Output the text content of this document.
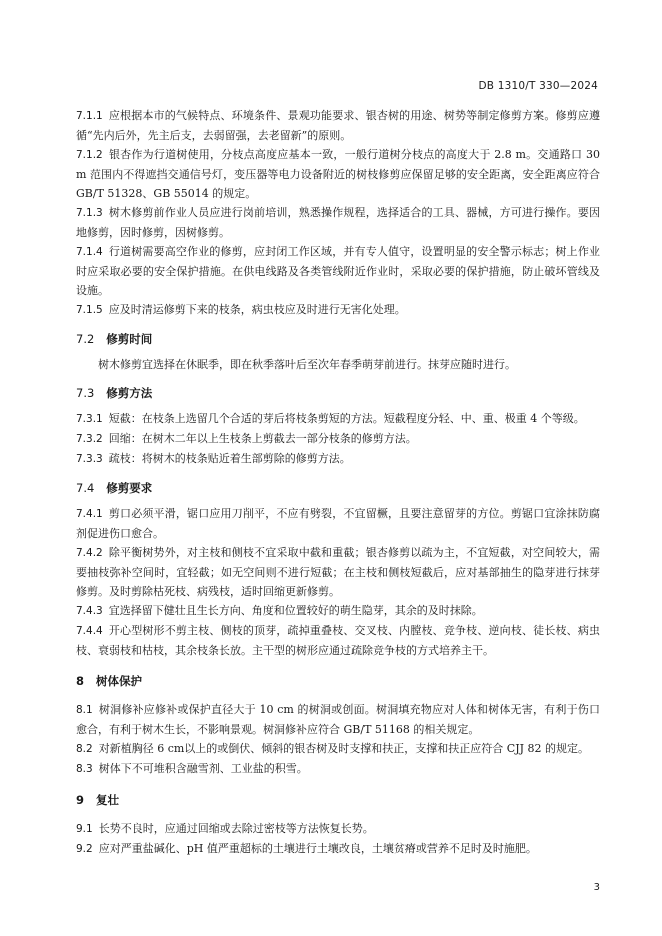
DB 1310/T 330—2024

7.1.1 应根据本市的气候特点、环境条件、景观功能要求、银杏树的用途、树势等制定修剪方案。修剪应遵循“先内后外，先主后支，去弱留强，去老留新”的原则。

7.1.2 银杏作为行道树使用，分枝点高度应基本一致，一般行道树分枝点的高度大于 2.8 m。交通路口 30 m 范围内不得遮挡交通信号灯，变压器等电力设备附近的树枝修剪应保留足够的安全距离，安全距离应符合 GB/T 51328、GB 55014 的规定。

7.1.3 树木修剪前作业人员应进行岗前培训，熟悉操作规程，选择适合的工具、器械，方可进行操作。要因地修剪，因时修剪，因树修剪。

7.1.4 行道树需要高空作业的修剪，应封闭工作区域，并有专人值守，设置明显的安全警示标志；树上作业时应采取必要的安全保护措施。在供电线路及各类管线附近作业时，采取必要的保护措施，防止破坏管线及设施。

7.1.5 应及时清运修剪下来的枝条，病虫枝应及时进行无害化处理。

7.2 修剪时间

树木修剪宜选择在休眠季，即在秋季落叶后至次年春季萌芽前进行。抹芽应随时进行。

7.3 修剪方法

7.3.1 短截：在枝条上选留几个合适的芽后将枝条剪短的方法。短截程度分轻、中、重、极重 4 个等级。

7.3.2 回缩：在树木二年以上生枝条上剪截去一部分枝条的修剪方法。

7.3.3 疏枝：将树木的枝条贴近着生部剪除的修剪方法。

7.4 修剪要求

7.4.1 剪口必须平滑，锯口应用刀削平，不应有劈裂，不宜留橛，且要注意留芽的方位。剪锯口宜涂抹防腐剂促进伤口愈合。

7.4.2 除平衡树势外，对主枝和侧枝不宜采取中截和重截；银杏修剪以疏为主，不宜短截，对空间较大，需要抽枝弥补空间时，宜轻截；如无空间则不进行短截；在主枝和侧枝短截后，应对基部抽生的隐芽进行抹芽修剪。及时剪除枯死枝、病残枝，适时回缩更新修剪。

7.4.3 宜选择留下健壮且生长方向、角度和位置较好的萌生隐芽，其余的及时抹除。

7.4.4 开心型树形不剪主枝、侧枝的顶芽，疏掉重叠枝、交叉枝、内膛枝、竞争枝、逆向枝、徒长枝、病虫枝、衰弱枝和枯枝，其余枝条长放。主干型的树形应通过疏除竞争枝的方式培养主干。

8 树体保护

8.1 树洞修补应修补或保护直径大于 10 cm 的树洞或创面。树洞填充物应对人体和树体无害，有利于伤口愈合，有利于树木生长，不影响景观。树洞修补应符合 GB/T 51168 的相关规定。

8.2 对新植胸径 6 cm以上的或倒伏、倾斜的银杏树及时支撑和扶正，支撑和扶正应符合 CJJ 82 的规定。

8.3 树体下不可堆积含融雪剂、工业盐的积雪。

9 复壮

9.1 长势不良时，应通过回缩或去除过密枝等方法恢复长势。

9.2 应对严重盐碱化、pH 值严重超标的土壤进行土壤改良，土壤贫瘠或营养不足时及时施肥。

3
